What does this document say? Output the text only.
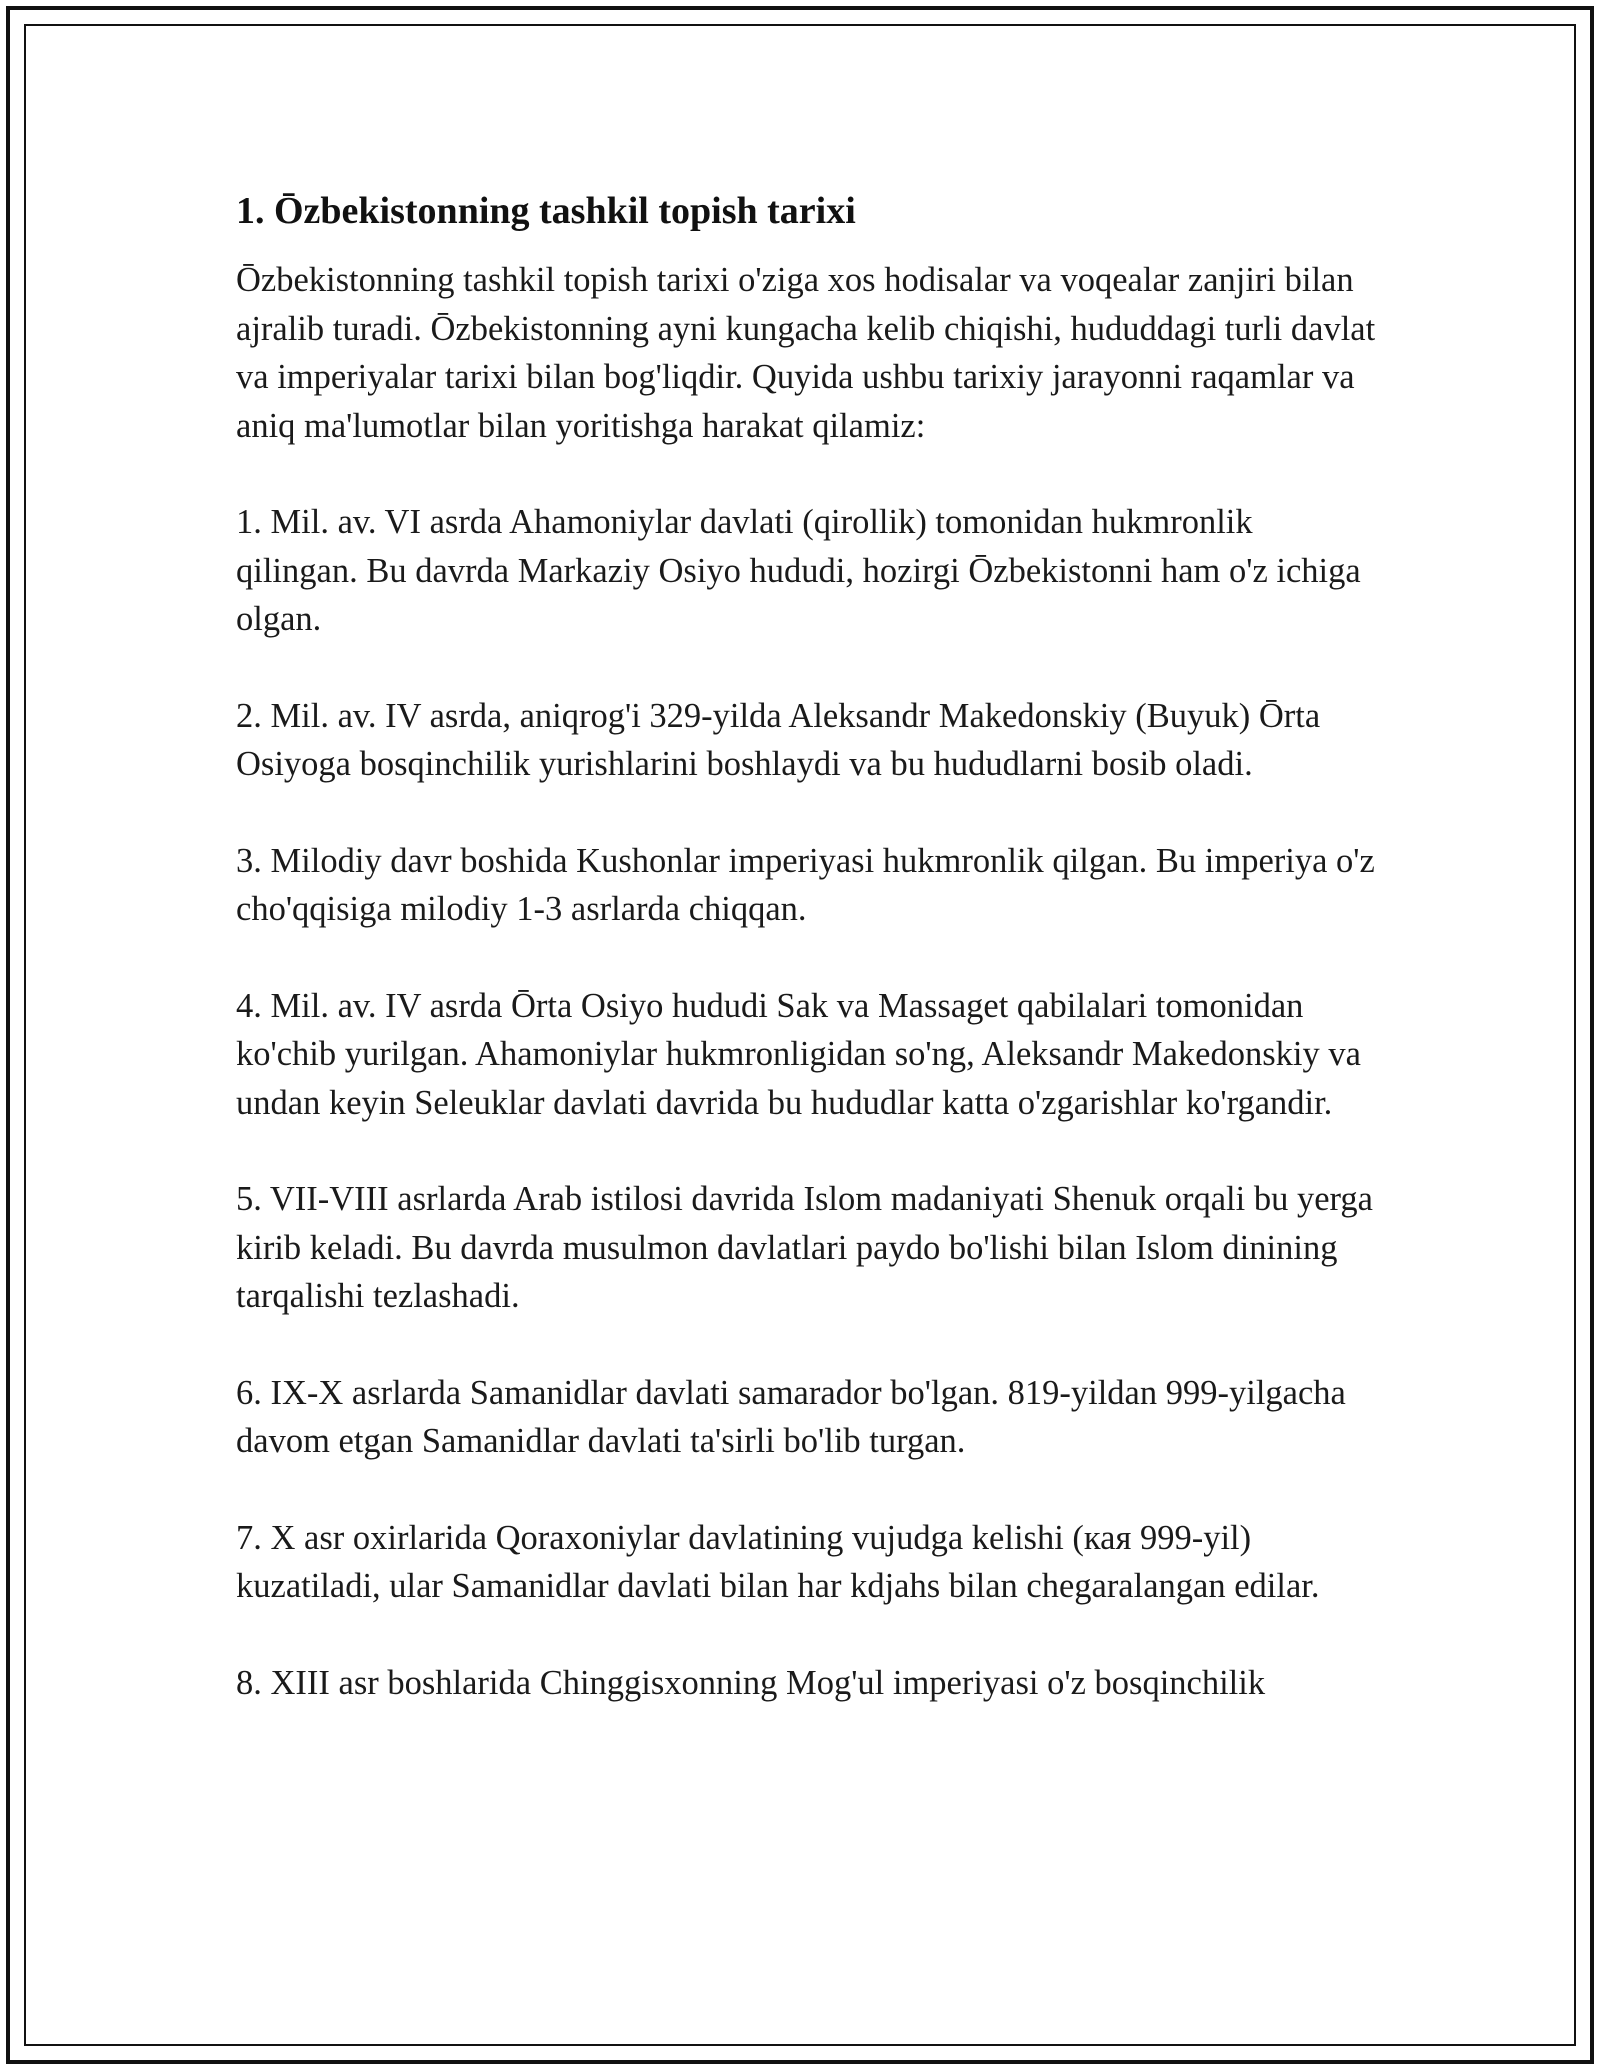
1. Ōzbekistonning tashkil topish tarixi

Ōzbekistonning tashkil topish tarixi o'ziga xos hodisalar va voqealar zanjiri bilan ajralib turadi. Ōzbekistonning ayni kungacha kelib chiqishi, hududdagi turli davlat va imperiyalar tarixi bilan bog'liqdir. Quyida ushbu tarixiy jarayonni raqamlar va aniq ma'lumotlar bilan yoritishga harakat qilamiz:

1. Mil. av. VI asrda Ahamoniylar davlati (qirollik) tomonidan hukmronlik qilingan. Bu davrda Markaziy Osiyo hududi, hozirgi Ōzbekistonni ham o'z ichiga olgan.

2. Mil. av. IV asrda, aniqrog'i 329-yilda Aleksandr Makedonskiy (Buyuk) Ōrta Osiyoga bosqinchilik yurishlarini boshlaydi va bu hududlarni bosib oladi.

3. Milodiy davr boshida Kushonlar imperiyasi hukmronlik qilgan. Bu imperiya o'z cho'qqisiga milodiy 1-3 asrlarda chiqqan.

4. Mil. av. IV asrda Ōrta Osiyo hududi Sak va Massaget qabilalari tomonidan ko'chib yurilgan. Ahamoniylar hukmronligidan so'ng, Aleksandr Makedonskiy va undan keyin Seleuklar davlati davrida bu hududlar katta o'zgarishlar ko'rgandir.

5. VII-VIII asrlarda Arab istilosi davrida Islom madaniyati Shenuk orqali bu yerga kirib keladi. Bu davrda musulmon davlatlari paydo bo'lishi bilan Islom dinining tarqalishi tezlashadi.

6. IX-X asrlarda Samanidlar davlati samarador bo'lgan. 819-yildan 999-yilgacha davom etgan Samanidlar davlati ta'sirli bo'lib turgan.

7. X asr oxirlarida Qoraxoniylar davlatining vujudga kelishi (кая 999-yil) kuzatiladi, ular Samanidlar davlati bilan har kdjahs bilan chegaralangan edilar.

8. XIII asr boshlarida Chinggisxonning Mog'ul imperiyasi o'z bosqinchilik
